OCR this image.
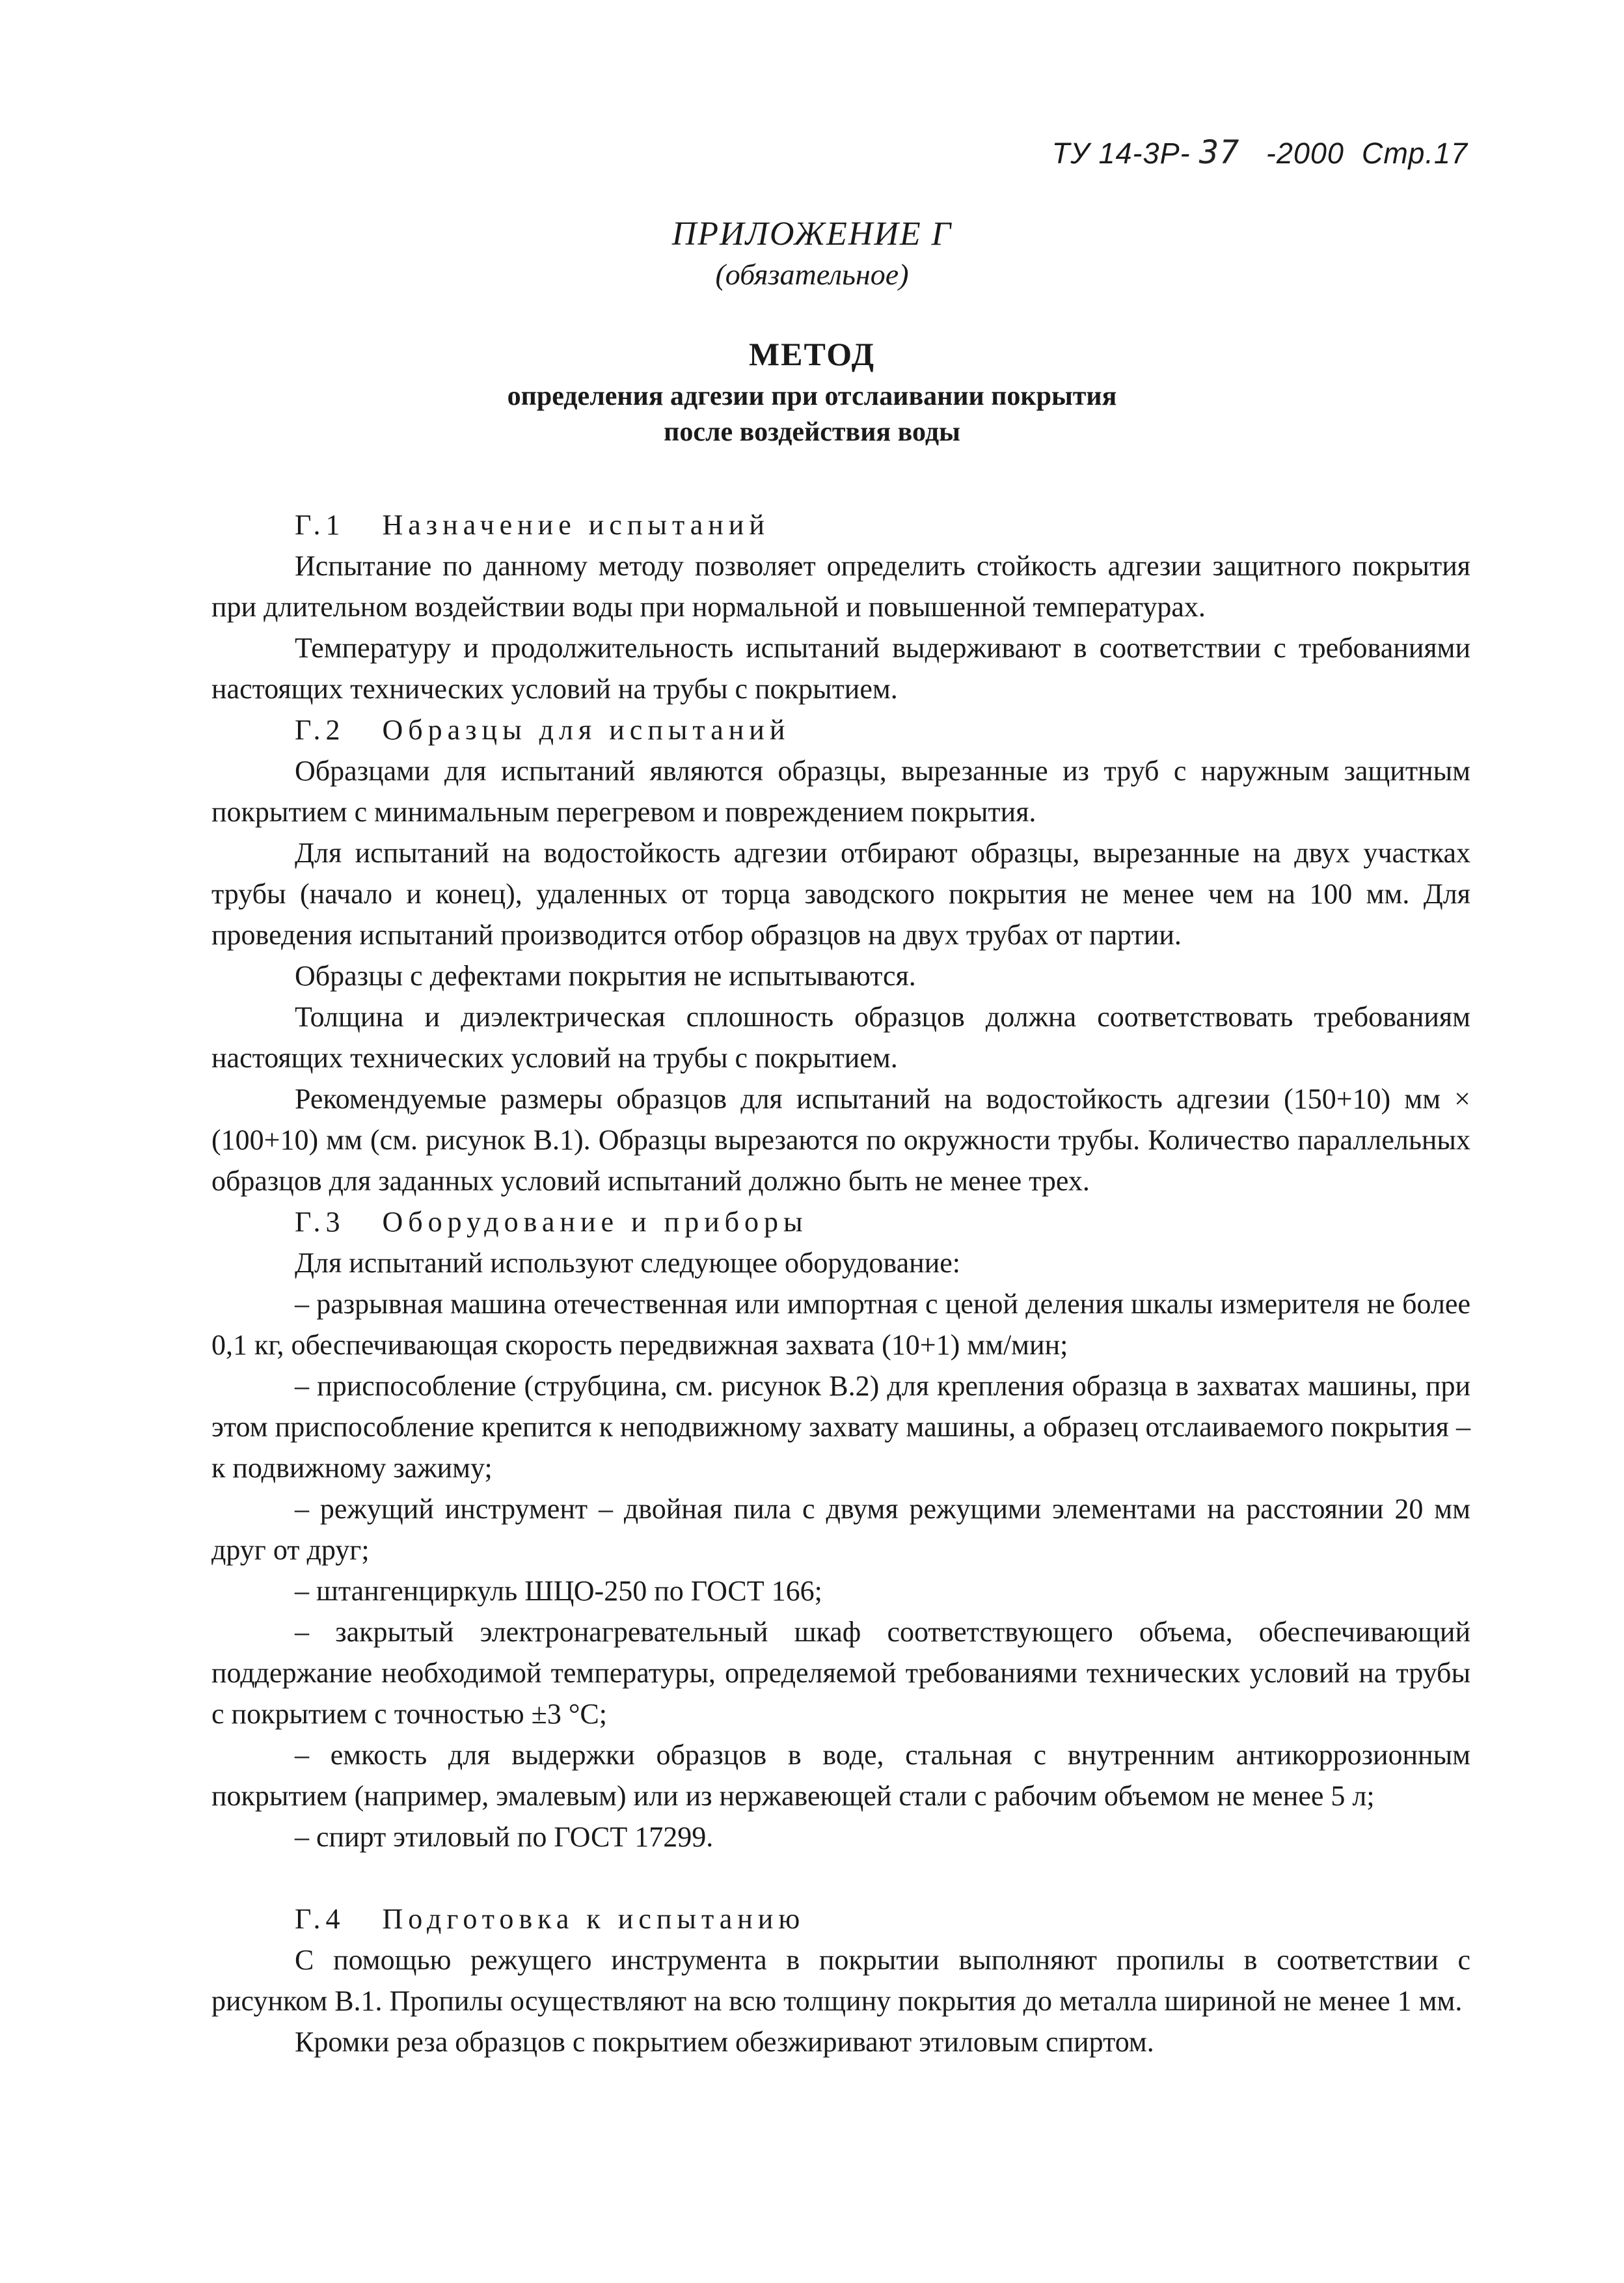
ТУ 14-3Р- 37 -2000  Стр.17
ПРИЛОЖЕНИЕ Г
(обязательное)
МЕТОД
определения адгезии при отслаивании покрытия
после воздействия воды
Г.1   Назначение испытаний

Испытание по данному методу позволяет определить стойкость адгезии защитного покрытия при длительном воздействии воды при нормальной и повышенной температурах.

Температуру и продолжительность испытаний выдерживают в соответствии с требованиями настоящих технических условий на трубы с покрытием.

Г.2   Образцы для испытаний

Образцами для испытаний являются образцы, вырезанные из труб с наружным защитным покрытием с минимальным перегревом и повреждением покрытия.

Для испытаний на водостойкость адгезии отбирают образцы, вырезанные на двух участках трубы (начало и конец), удаленных от торца заводского покрытия не менее чем на 100 мм. Для проведения испытаний производится отбор образцов на двух трубах от партии.

Образцы с дефектами покрытия не испытываются.

Толщина и диэлектрическая сплошность образцов должна соответствовать требованиям настоящих технических условий на трубы с покрытием.

Рекомендуемые размеры образцов для испытаний на водостойкость адгезии (150+10) мм × (100+10) мм (см. рисунок В.1). Образцы вырезаются по окружности трубы. Количество параллельных образцов для заданных условий испытаний должно быть не менее трех.

Г.3   Оборудование и приборы

Для испытаний используют следующее оборудование:

– разрывная машина отечественная или импортная с ценой деления шкалы измерителя не более 0,1 кг, обеспечивающая скорость передвижная захвата (10+1) мм/мин;

– приспособление (струбцина, см. рисунок В.2) для крепления образца в захватах машины, при этом приспособление крепится к неподвижному захвату машины, а образец отслаиваемого покрытия – к подвижному зажиму;

– режущий инструмент – двойная пила с двумя режущими элементами на расстоянии 20 мм друг от друг;

– штангенциркуль ШЦО-250 по ГОСТ 166;

– закрытый электронагревательный шкаф соответствующего объема, обеспечивающий поддержание необходимой температуры, определяемой требованиями технических условий на трубы с покрытием с точностью ±3 °С;

– емкость для выдержки образцов в воде, стальная с внутренним антикоррозионным покрытием (например, эмалевым) или из нержавеющей стали с рабочим объемом не менее 5 л;

– спирт этиловый по ГОСТ 17299.

Г.4   Подготовка к испытанию

С помощью режущего инструмента в покрытии выполняют пропилы в соответствии с рисунком В.1. Пропилы осуществляют на всю толщину покрытия до металла шириной не менее 1 мм.

Кромки реза образцов с покрытием обезжиривают этиловым спиртом.
